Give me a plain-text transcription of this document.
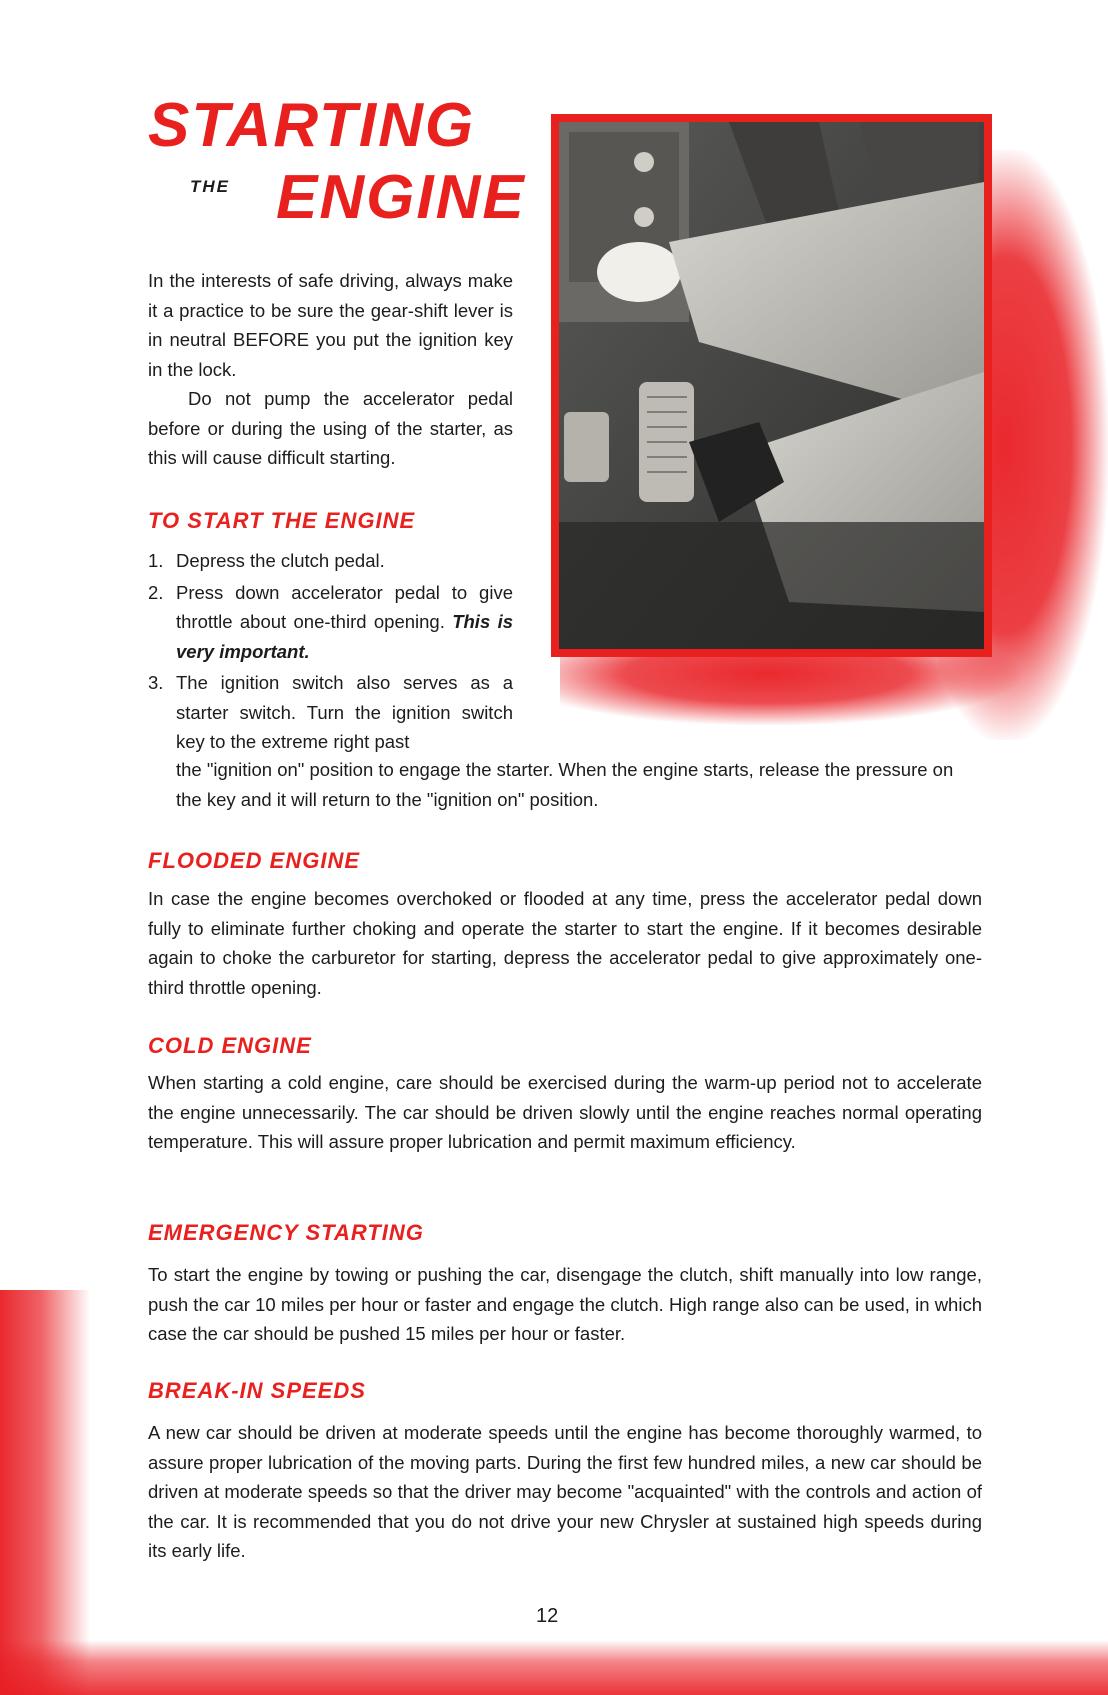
STARTING
THE ENGINE

In the interests of safe driving, always make it a practice to be sure the gear-shift lever is in neutral BEFORE you put the ignition key in the lock.

Do not pump the accelerator pedal before or during the using of the starter, as this will cause difficult starting.

TO START THE ENGINE
1. Depress the clutch pedal.
2. Press down accelerator pedal to give throttle about one-third opening. This is very important.
3. The ignition switch also serves as a starter switch. Turn the ignition switch key to the extreme right past
the "ignition on" position to engage the starter. When the engine starts, release the pressure on the key and it will return to the "ignition on" position.
FLOODED ENGINE
In case the engine becomes overchoked or flooded at any time, press the accelerator pedal down fully to eliminate further choking and operate the starter to start the engine. If it becomes desirable again to choke the carburetor for starting, depress the accelerator pedal to give approximately one-third throttle opening.
COLD ENGINE
When starting a cold engine, care should be exercised during the warm-up period not to accelerate the engine unnecessarily. The car should be driven slowly until the engine reaches normal operating temperature. This will assure proper lubrication and permit maximum efficiency.
EMERGENCY STARTING
To start the engine by towing or pushing the car, disengage the clutch, shift manually into low range, push the car 10 miles per hour or faster and engage the clutch. High range also can be used, in which case the car should be pushed 15 miles per hour or faster.
BREAK-IN SPEEDS
A new car should be driven at moderate speeds until the engine has become thoroughly warmed, to assure proper lubrication of the moving parts. During the first few hundred miles, a new car should be driven at moderate speeds so that the driver may become "acquainted" with the controls and action of the car. It is recommended that you do not drive your new Chrysler at sustained high speeds during its early life.
12
